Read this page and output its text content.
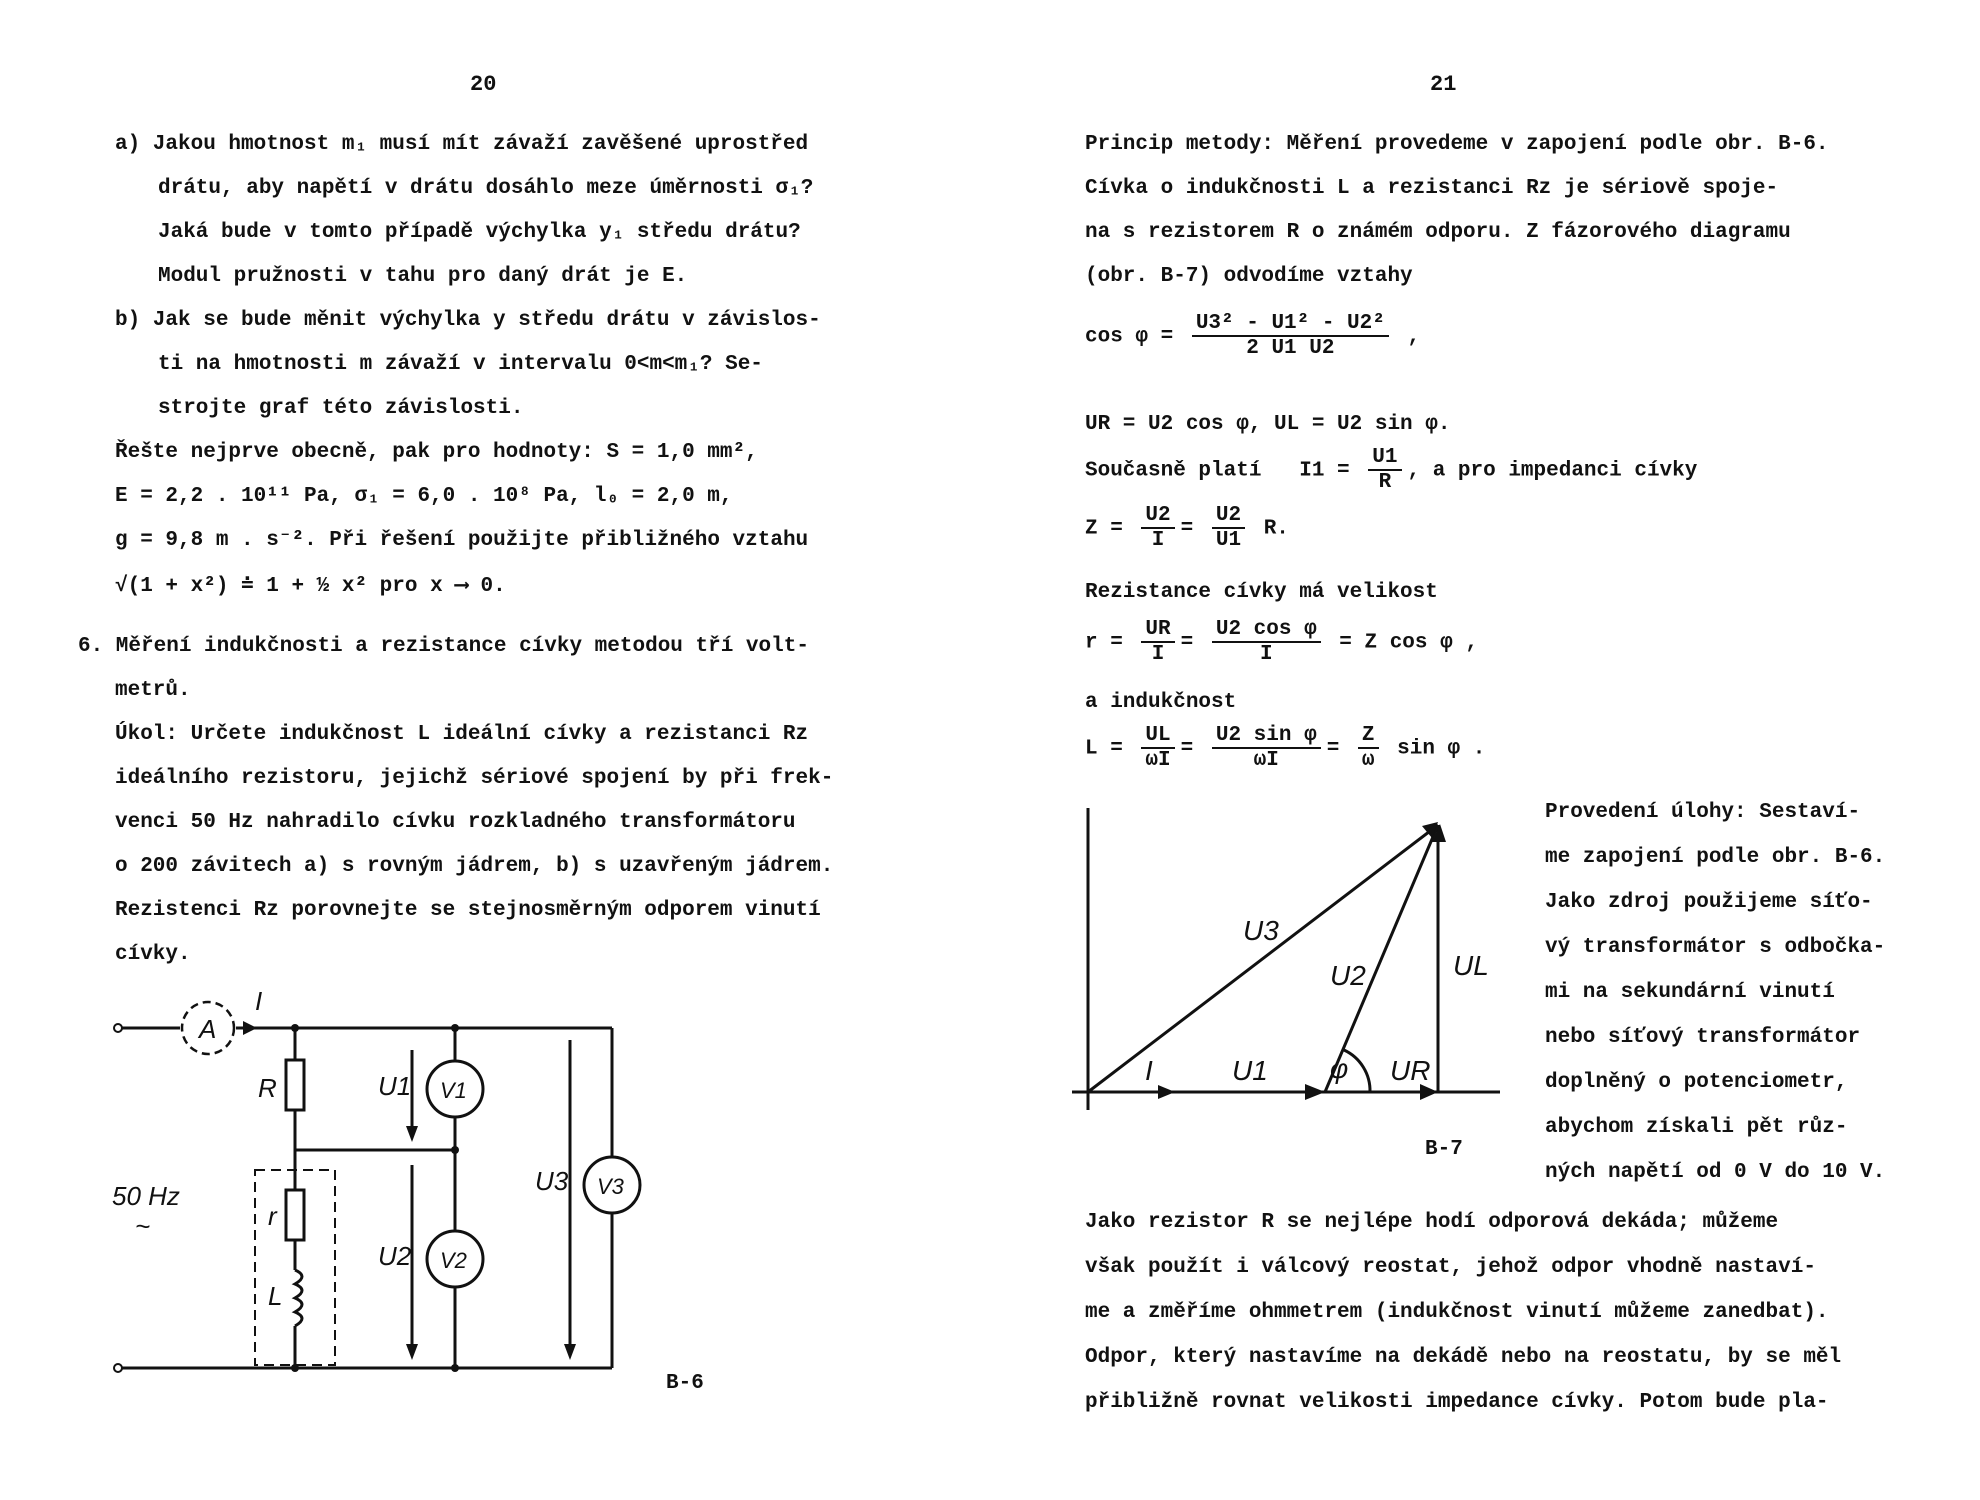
20
a) Jakou hmotnost m₁ musí mít závaží zavěšené uprostřed
drátu, aby napětí v drátu dosáhlo meze úměrnosti σ₁?
Jaká bude v tomto případě výchylka y₁ středu drátu?
Modul pružnosti v tahu pro daný drát je E.
b) Jak se bude měnit výchylka y středu drátu v závislos-
ti na hmotnosti m závaží v intervalu 0<m<m₁? Se-
strojte graf této závislosti.
Řešte nejprve obecně, pak pro hodnoty: S = 1,0 mm²,
E = 2,2 . 10¹¹ Pa, σ₁ = 6,0 . 10⁸ Pa, l₀ = 2,0 m,
g = 9,8 m . s⁻². Při řešení použijte přibližného vztahu
√(1 + x²) ≐ 1 + ½ x² pro x ⟶ 0.
6. Měření indukčnosti a rezistance cívky metodou tří volt-
metrů.
Úkol: Určete indukčnost L ideální cívky a rezistanci Rz
ideálního rezistoru, jejichž sériové spojení by při frek-
venci 50 Hz nahradilo cívku rozkladného transformátoru
o 200 závitech a) s rovným jádrem, b) s uzavřeným jádrem.
Rezistenci Rz porovnejte se stejnosměrným odporem vinutí
cívky.
A
I
R
r
L
U1
U2
U3
V1
V2
V3
50 Hz
~
B-6
21
Princip metody: Měření provedeme v zapojení podle obr. B-6.
Cívka o indukčnosti L a rezistanci Rz je sériově spoje-
na s rezistorem R o známém odporu. Z fázorového diagramu
(obr. B-7) odvodíme vztahy
$\cos \varphi = \frac{\text{U3² - U1² - U2²}}{2 U1 U2}$ ,
UR = U2 cos φ, UL = U2 sin φ.
Současně platí $I1 = \frac{U1}{R}$ , a pro impedanci cívky
$Z = \frac{U2}{I} = \frac{U2}{U1} R$.
Rezistance cívky má velikost
$r = \frac{UR}{I} = \frac{\text{U2 cos φ}}{I} = Z$ cos φ ,
a indukčnost
$L = \frac{UL}{\omega I} = \frac{\text{U2 sin φ}}{\omega I} = \frac{Z}{\omega}$ sin φ .
U3
U2	UL
I	U1	UR
φ
B-7
Provedení úlohy: Sestaví-
me zapojení podle obr. B-6.
Jako zdroj použijeme síťo-
vý transformátor s odbočka-
mi na sekundární vinutí
nebo síťový transformátor
doplněný o potenciometr,
abychom získali pět růz-
ných napětí od 0 V do 10 V.
Jako rezistor R se nejlépe hodí odporová dekáda; můžeme
však použít i válcový reostat, jehož odpor vhodně nastaví-
me a změříme ohmmetrem (indukčnost vinutí můžeme zanedbat).
Odpor, který nastavíme na dekádě nebo na reostatu, by se měl
přibližně rovnat velikosti impedance cívky. Potom bude pla-
